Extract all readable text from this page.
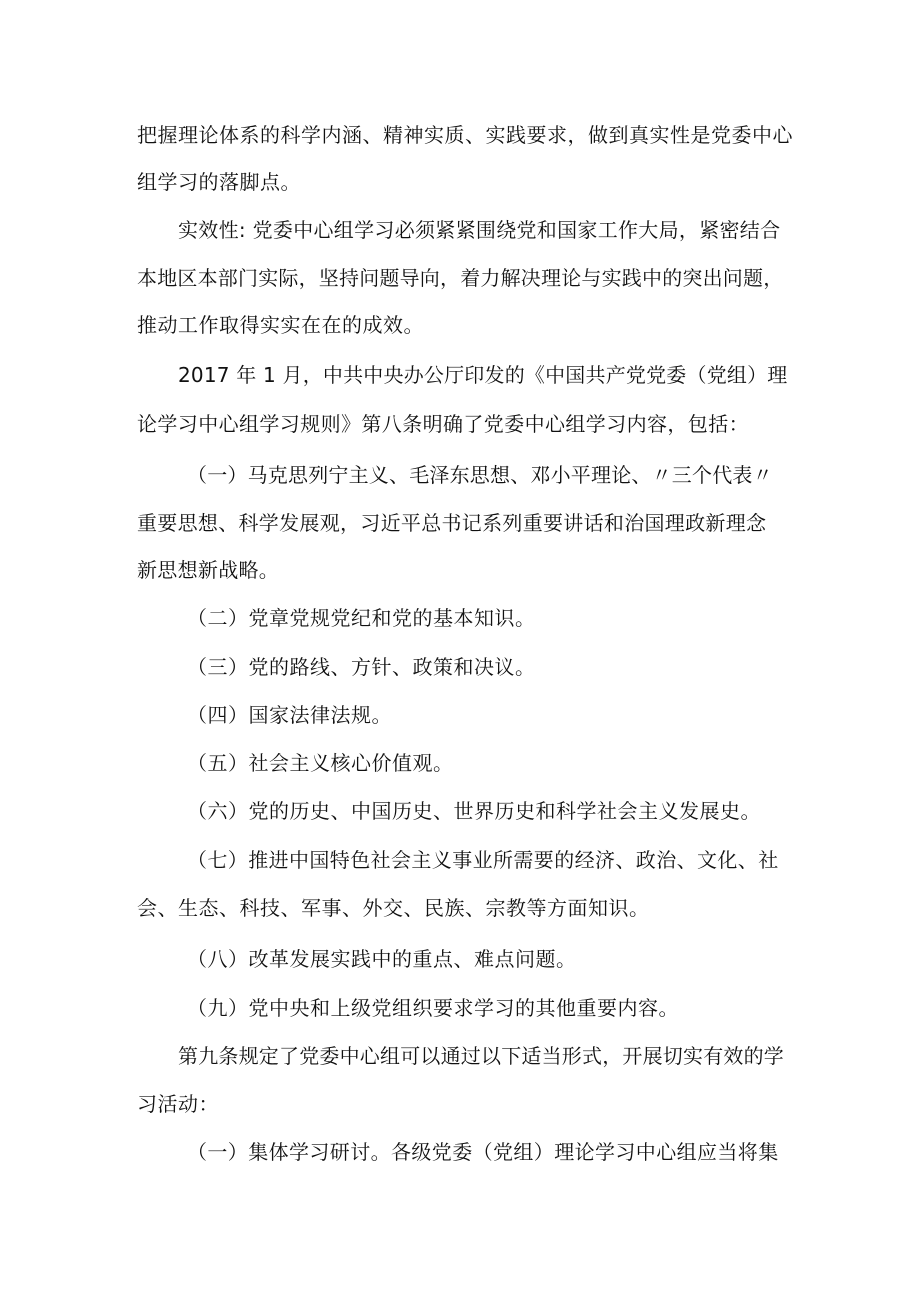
把握理论体系的科学内涵、精神实质、实践要求，做到真实性是党委中心

组学习的落脚点。

实效性: 党委中心组学习必须紧紧围绕党和国家工作大局，紧密结合

本地区本部门实际，坚持问题导向，着力解决理论与实践中的突出问题，

推动工作取得实实在在的成效。

2017 年 1 月，中共中央办公厅印发的《中国共产党党委（党组）理

论学习中心组学习规则》第八条明确了党委中心组学习内容，包括：

（一）马克思列宁主义、毛泽东思想、邓小平理论、〃三个代表〃

重要思想、科学发展观，习近平总书记系列重要讲话和治国理政新理念

新思想新战略。

（二）党章党规党纪和党的基本知识。

（三）党的路线、方针、政策和决议。

（四）国家法律法规。

（五）社会主义核心价值观。

（六）党的历史、中国历史、世界历史和科学社会主义发展史。

（七）推进中国特色社会主义事业所需要的经济、政治、文化、社

会、生态、科技、军事、外交、民族、宗教等方面知识。

（八）改革发展实践中的重点、难点问题。

（九）党中央和上级党组织要求学习的其他重要内容。

第九条规定了党委中心组可以通过以下适当形式，开展切实有效的学

习活动：

（一）集体学习研讨。各级党委（党组）理论学习中心组应当将集
